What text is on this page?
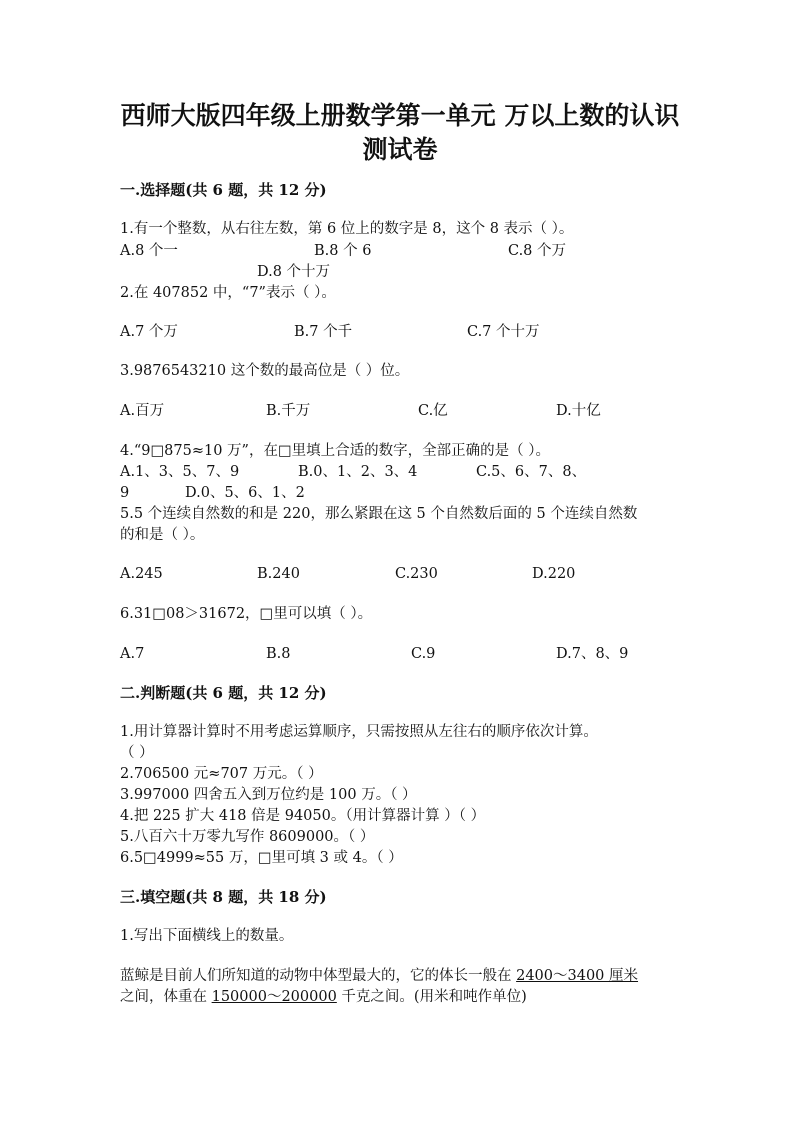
西师大版四年级上册数学第一单元 万以上数的认识
测试卷
一.选择题(共 6 题，共 12 分)
1.有一个整数，从右往左数，第 6 位上的数字是 8，这个 8 表示（ ）。
A.8 个一	B.8 个 6	C.8 个万
D.8 个十万
2.在 407852 中，“7”表示（ ）。
A.7 个万	B.7 个千	C.7 个十万
3.9876543210 这个数的最高位是（ ）位。
A.百万	B.千万	C.亿	D.十亿
4.“9□875≈10 万”，在□里填上合适的数字，全部正确的是（ ）。
A.1、3、5、7、9	B.0、1、2、3、4	C.5、6、7、8、
9	D.0、5、6、1、2
5.5 个连续自然数的和是 220，那么紧跟在这 5 个自然数后面的 5 个连续自然数
的和是（ ）。
A.245	B.240	C.230	D.220
6.31□08＞31672，□里可以填（ ）。
A.7	B.8	C.9	D.7、8、9
二.判断题(共 6 题，共 12 分)
1.用计算器计算时不用考虑运算顺序，只需按照从左往右的顺序依次计算。
（ ）
2.706500 元≈707 万元。（ ）
3.997000 四舍五入到万位约是 100 万。（ ）
4.把 225 扩大 418 倍是 94050。（用计算器计算 ）（ ）
5.八百六十万零九写作 8609000。（ ）
6.5□4999≈55 万，□里可填 3 或 4。（ ）
三.填空题(共 8 题，共 18 分)
1.写出下面横线上的数量。
蓝鲸是目前人们所知道的动物中体型最大的，它的体长一般在 2400～3400 厘米
之间，体重在 150000～200000 千克之间。(用米和吨作单位)
